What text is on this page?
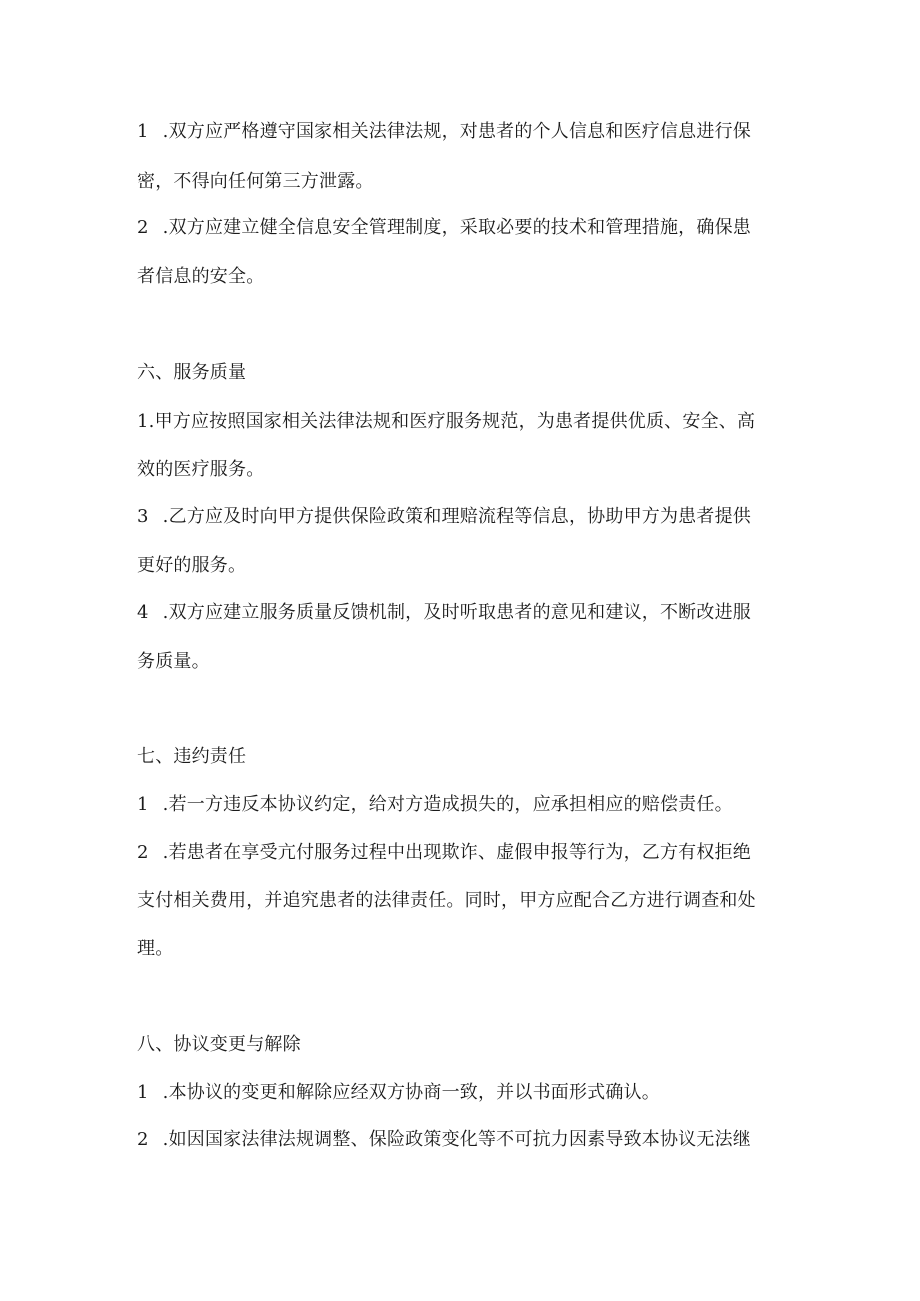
1 .双方应严格遵守国家相关法律法规，对患者的个人信息和医疗信息进行保
密，不得向任何第三方泄露。
2 .双方应建立健全信息安全管理制度，采取必要的技术和管理措施，确保患
者信息的安全。
六、服务质量
1.甲方应按照国家相关法律法规和医疗服务规范，为患者提供优质、安全、高
效的医疗服务。
3 .乙方应及时向甲方提供保险政策和理赔流程等信息，协助甲方为患者提供
更好的服务。
4 .双方应建立服务质量反馈机制，及时听取患者的意见和建议，不断改进服
务质量。
七、违约责任
1 .若一方违反本协议约定，给对方造成损失的，应承担相应的赔偿责任。
2 .若患者在享受亢付服务过程中出现欺诈、虚假申报等行为，乙方有权拒绝
支付相关费用，并追究患者的法律责任。同时，甲方应配合乙方进行调查和处
理。
八、协议变更与解除
1 .本协议的变更和解除应经双方协商一致，并以书面形式确认。
2 .如因国家法律法规调整、保险政策变化等不可抗力因素导致本协议无法继
